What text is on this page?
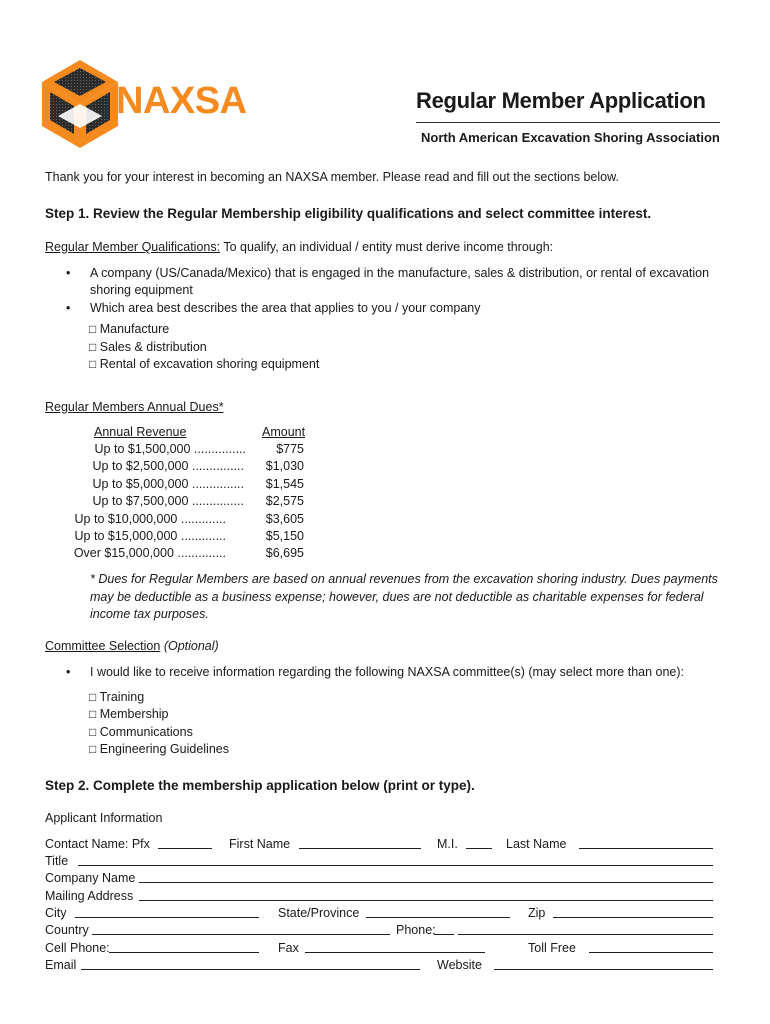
NAXSA	Regular Member Application
North American Excavation Shoring Association
Thank you for your interest in becoming an NAXSA member. Please read and fill out the sections below.
Step 1. Review the Regular Membership eligibility qualifications and select committee interest.
Regular Member Qualifications: To qualify, an individual / entity must derive income through:
• A company (US/Canada/Mexico) that is engaged in the manufacture, sales & distribution, or rental of excavation
shoring equipment
• Which area best describes the area that applies to you / your company
□ Manufacture
□ Sales & distribution
□ Rental of excavation shoring equipment
Regular Members Annual Dues*
Annual Revenue	Amount
Up to $1,500,000 ............... $775
Up to $2,500,000 ............... $1,030
Up to $5,000,000 ............... $1,545
Up to $7,500,000 ............... $2,575
Up to $10,000,000 .............	$3,605
Up to $15,000,000 .............	$5,150
Over $15,000,000 ..............	$6,695
* Dues for Regular Members are based on annual revenues from the excavation shoring industry. Dues payments may be deductible as a business expense; however, dues are not deductible as charitable expenses for federal income tax purposes.
Committee Selection (Optional)
• I would like to receive information regarding the following NAXSA committee(s) (may select more than one):
□ Training
□ Membership
□ Communications
□ Engineering Guidelines
Step 2. Complete the membership application below (print or type).
Applicant Information
Contact Name: Pfx	First Name	M.I.	Last Name
Title
Company Name
Mailing Address
City	State/Province	Zip
Country	Phone:
Cell Phone:	Fax	Toll Free
Email	Website
